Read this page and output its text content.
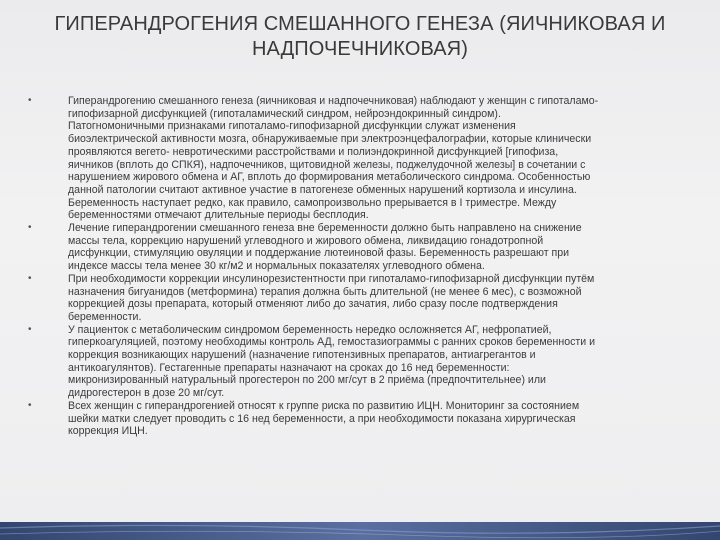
ГИПЕРАНДРОГЕНИЯ СМЕШАННОГО ГЕНЕЗА (ЯИЧНИКОВАЯ И
НАДПОЧЕЧНИКОВАЯ)
•	Гиперандрогению смешанного генеза (яичниковая и надпочечниковая) наблюдают у женщин с гипоталамо-
гипофизарной дисфункцией (гипоталамический синдром, нейроэндокринный синдром).
Патогномоничными признаками гипоталамо-гипофизарной дисфункции служат изменения
биоэлектрической активности мозга, обнаруживаемые при электроэнцефалографии, которые клинически
проявляются вегето- невротическими расстройствами и полиэндокринной дисфункцией [гипофиза,
яичников (вплоть до СПКЯ), надпочечников, щитовидной железы, поджелудочной железы] в сочетании с
нарушением жирового обмена и АГ, вплоть до формирования метаболического синдрома. Особенностью
данной патологии считают активное участие в патогенезе обменных нарушений кортизола и инсулина.
Беременность наступает редко, как правило, самопроизвольно прерывается в I триместре. Между
беременностями отмечают длительные периоды бесплодия.
•	Лечение гиперандрогении смешанного генеза вне беременности должно быть направлено на снижение
массы тела, коррекцию нарушений углеводного и жирового обмена, ликвидацию гонадотропной
дисфункции, стимуляцию овуляции и поддержание лютеиновой фазы. Беременность разрешают при
индексе массы тела менее 30 кг/м2 и нормальных показателях углеводного обмена.
•	При необходимости коррекции инсулинорезистентности при гипоталамо-гипофизарной дисфункции путём
назначения бигуанидов (метформина) терапия должна быть длительной (не менее 6 мес), с возможной
коррекцией дозы препарата, который отменяют либо до зачатия, либо сразу после подтверждения
беременности.
•	У пациенток с метаболическим синдромом беременность нередко осложняется АГ, нефропатией,
гиперкоагуляцией, поэтому необходимы контроль АД, гемостазиограммы с ранних сроков беременности и
коррекция возникающих нарушений (назначение гипотензивных препаратов, антиагрегантов и
антикоагулянтов). Гестагенные препараты назначают на сроках до 16 нед беременности:
микронизированный натуральный прогестерон по 200 мг/сут в 2 приёма (предпочтительнее) или
дидрогестерон в дозе 20 мг/сут.
•	Всех женщин с гиперандрогенией относят к группе риска по развитию ИЦН. Мониторинг за состоянием
шейки матки следует проводить с 16 нед беременности, а при необходимости показана хирургическая
коррекция ИЦН.
